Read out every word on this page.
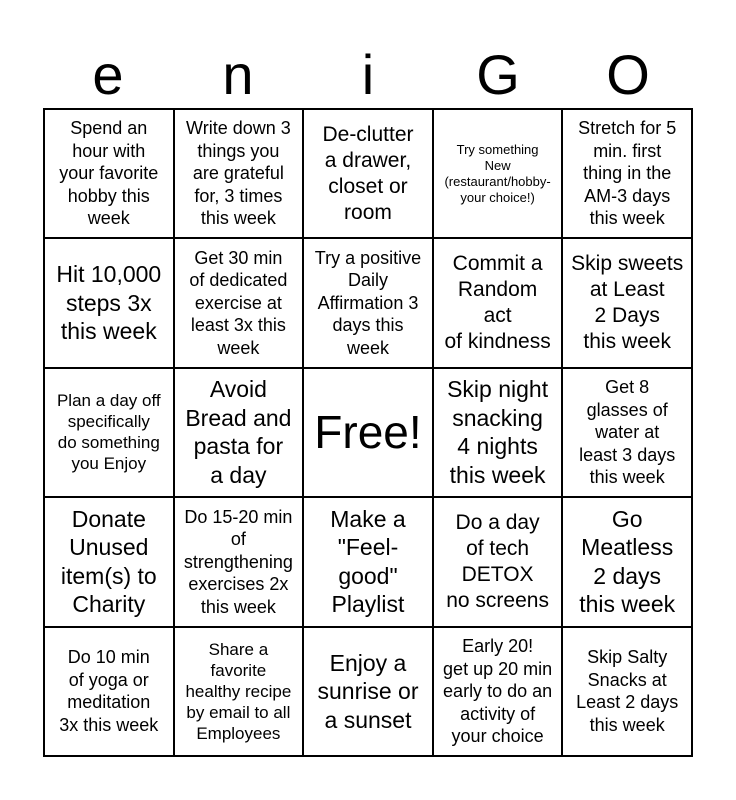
e	n	i	G	O
Spend an
hour with
your favorite
hobby this
week
Write down 3
things you
are grateful
for, 3 times
this week
De-clutter
a drawer,
closet or
room
Try something
New
(restaurant/hobby-
your choice!)
Stretch for 5
min. first
thing in the
AM-3 days
this week
Hit 10,000
steps 3x
this week
Get 30 min
of dedicated
exercise at
least 3x this
week
Try a positive
Daily
Affirmation 3
days this
week
Commit a
Random
act
of kindness
Skip sweets
at Least
2 Days
this week
Plan a day off
specifically
do something
you Enjoy
Avoid
Bread and
pasta for
a day
Free!
Skip night
snacking
4 nights
this week
Get 8
glasses of
water at
least 3 days
this week
Donate
Unused
item(s) to
Charity
Do 15-20 min
of
strengthening
exercises 2x
this week
Make a
"Feel-
good"
Playlist
Do a day
of tech
DETOX
no screens
Go
Meatless
2 days
this week
Do 10 min
of yoga or
meditation
3x this week
Share a
favorite
healthy recipe
by email to all
Employees
Enjoy a
sunrise or
a sunset
Early 20!
get up 20 min
early to do an
activity of
your choice
Skip Salty
Snacks at
Least 2 days
this week
